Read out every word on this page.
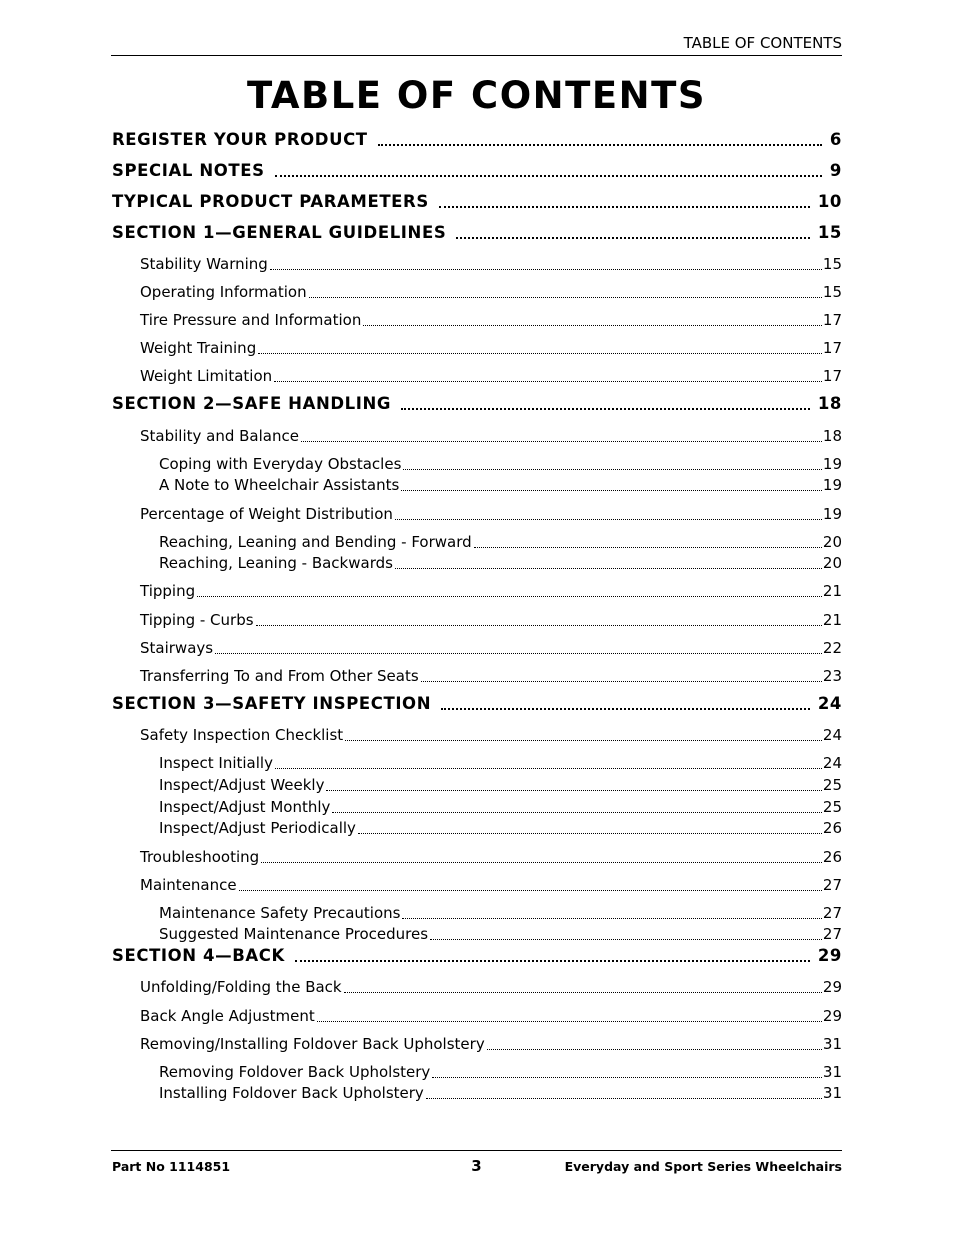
TABLE OF CONTENTS
TABLE OF CONTENTS
REGISTER YOUR PRODUCT	6
SPECIAL NOTES	9
TYPICAL PRODUCT PARAMETERS	10
SECTION 1—GENERAL GUIDELINES	15
Stability Warning	15
Operating Information	15
Tire Pressure and Information	17
Weight Training	17
Weight Limitation	17
SECTION 2—SAFE HANDLING	18
Stability and Balance	18
Coping with Everyday Obstacles	19
A Note to Wheelchair Assistants	19
Percentage of Weight Distribution	19
Reaching, Leaning and Bending - Forward	20
Reaching, Leaning - Backwards	20
Tipping	21
Tipping - Curbs	21
Stairways	22
Transferring To and From Other Seats	23
SECTION 3—SAFETY INSPECTION	24
Safety Inspection Checklist	24
Inspect Initially	24
Inspect/Adjust Weekly	25
Inspect/Adjust Monthly	25
Inspect/Adjust Periodically	26
Troubleshooting	26
Maintenance	27
Maintenance Safety Precautions	27
Suggested Maintenance Procedures	27
SECTION 4—BACK	29
Unfolding/Folding the Back	29
Back Angle Adjustment	29
Removing/Installing Foldover Back Upholstery	31
Removing Foldover Back Upholstery	31
Installing Foldover Back Upholstery	31
Part No 1114851	3	Everyday and Sport Series Wheelchairs
